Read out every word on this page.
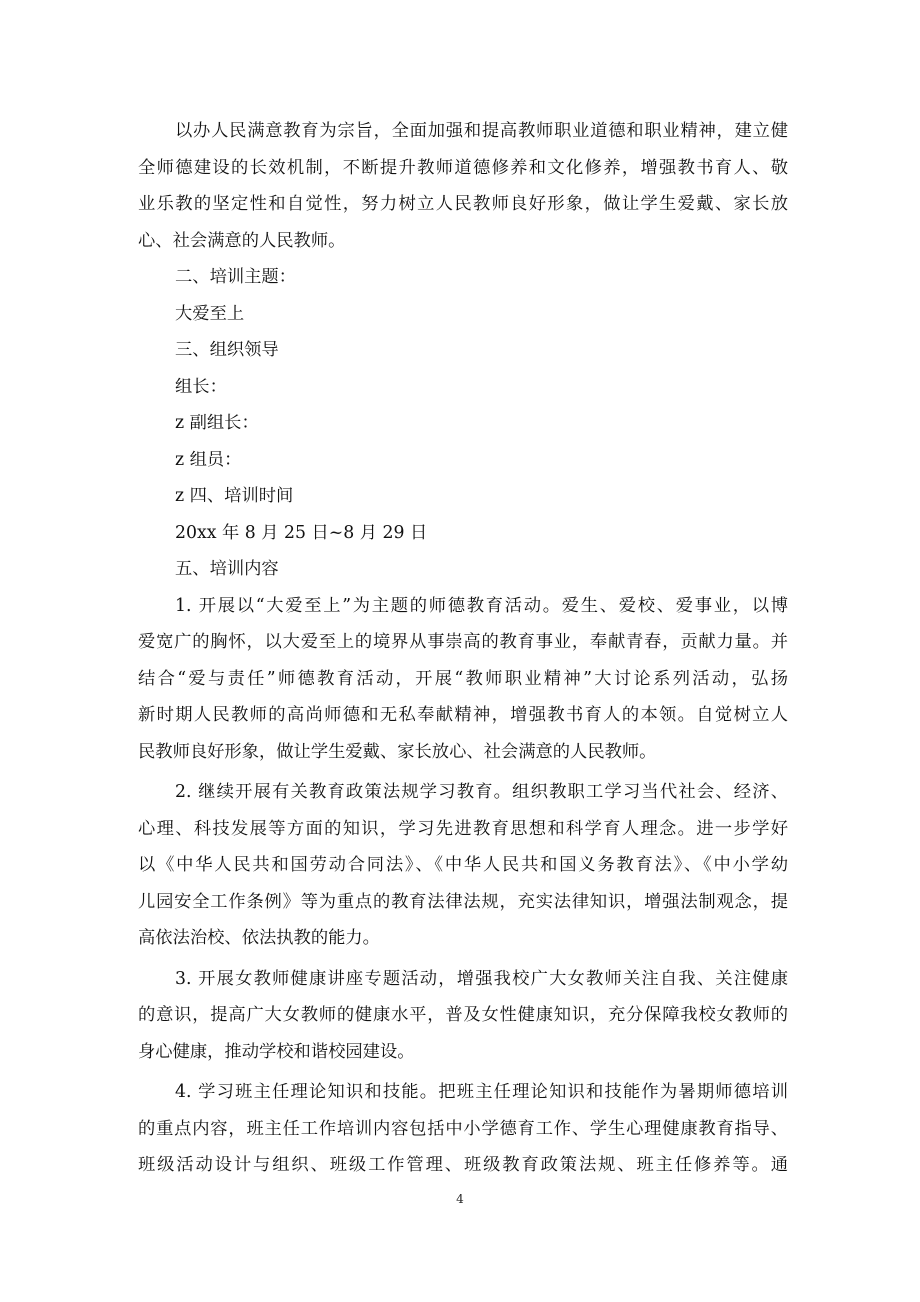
以办人民满意教育为宗旨，全面加强和提高教师职业道德和职业精神，建立健
全师德建设的长效机制，不断提升教师道德修养和文化修养，增强教书育人、敬
业乐教的坚定性和自觉性，努力树立人民教师良好形象，做让学生爱戴、家长放
心、社会满意的人民教师。
二、培训主题：
大爱至上
三、组织领导
组长：
z 副组长：
z 组员：
z 四、培训时间
20xx 年 8 月 25 日~8 月 29 日
五、培训内容
1. 开展以“大爱至上”为主题的师德教育活动。爱生、爱校、爱事业，以博
爱宽广的胸怀，以大爱至上的境界从事崇高的教育事业，奉献青春，贡献力量。并
结合“爱与责任”师德教育活动，开展“教师职业精神”大讨论系列活动，弘扬
新时期人民教师的高尚师德和无私奉献精神，增强教书育人的本领。自觉树立人
民教师良好形象，做让学生爱戴、家长放心、社会满意的人民教师。
2. 继续开展有关教育政策法规学习教育。组织教职工学习当代社会、经济、
心理、科技发展等方面的知识，学习先进教育思想和科学育人理念。进一步学好
以《中华人民共和国劳动合同法》、《中华人民共和国义务教育法》、《中小学幼
儿园安全工作条例》等为重点的教育法律法规，充实法律知识，增强法制观念，提
高依法治校、依法执教的能力。
3. 开展女教师健康讲座专题活动，增强我校广大女教师关注自我、关注健康
的意识，提高广大女教师的健康水平，普及女性健康知识，充分保障我校女教师的
身心健康，推动学校和谐校园建设。
4. 学习班主任理论知识和技能。把班主任理论知识和技能作为暑期师德培训
的重点内容，班主任工作培训内容包括中小学德育工作、学生心理健康教育指导、
班级活动设计与组织、班级工作管理、班级教育政策法规、班主任修养等。通
4
